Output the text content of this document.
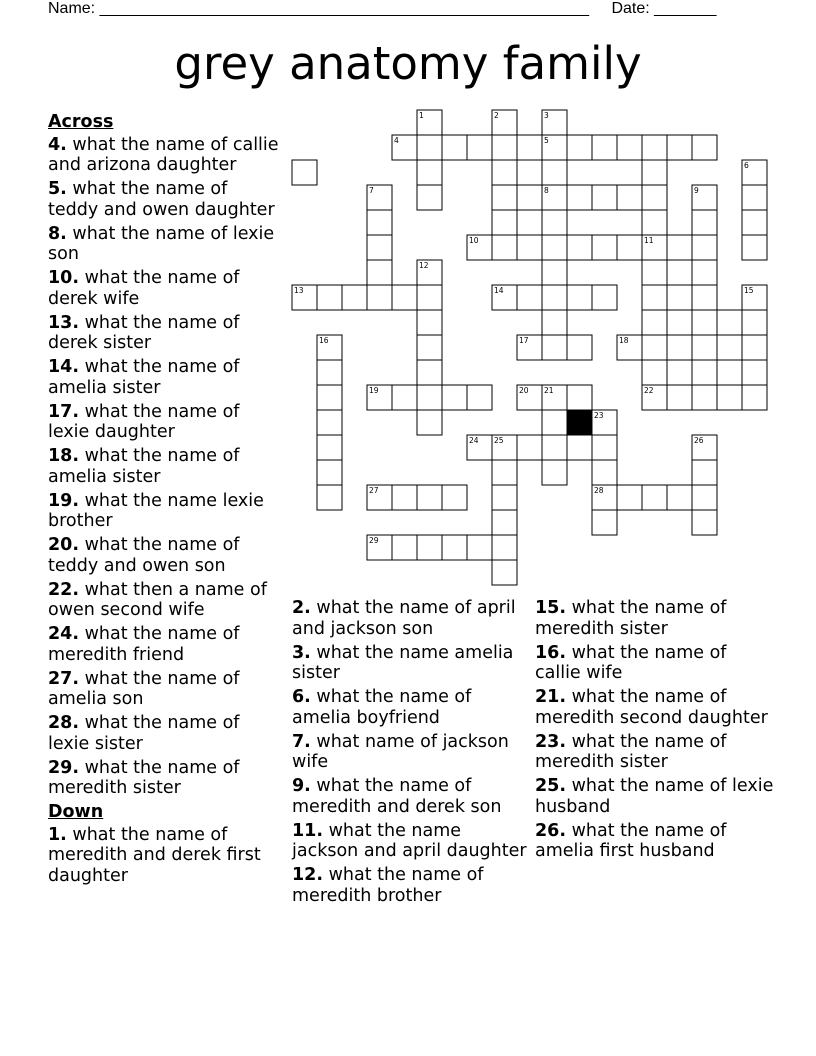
Name: _______________________________________________________ Date: _______
grey anatomy family
1	2	3
4	5
6
7	8	9
10	11
12
13	14	15
16	17	18
19	20 21	22
23
24 25	26
27	28
29
Across
4. what the name of callie and arizona daughter
5. what the name of teddy and owen daughter
8. what the name of lexie son
10. what the name of derek wife
13. what the name of derek sister
14. what the name of amelia sister
17. what the name of lexie daughter
18. what the name of amelia sister
19. what the name lexie brother
20. what the name of teddy and owen son
22. what then a name of owen second wife
24. what the name of meredith friend
27. what the name of amelia son
28. what the name of lexie sister
29. what the name of meredith sister
Down
1. what the name of meredith and derek first daughter
2. what the name of april and jackson son
3. what the name amelia sister
6. what the name of amelia boyfriend
7. what name of jackson wife
9. what the name of meredith and derek son
11. what the name jackson and april daughter
12. what the name of meredith brother
15. what the name of meredith sister
16. what the name of callie wife
21. what the name of meredith second daughter
23. what the name of meredith sister
25. what the name of lexie husband
26. what the name of amelia first husband
